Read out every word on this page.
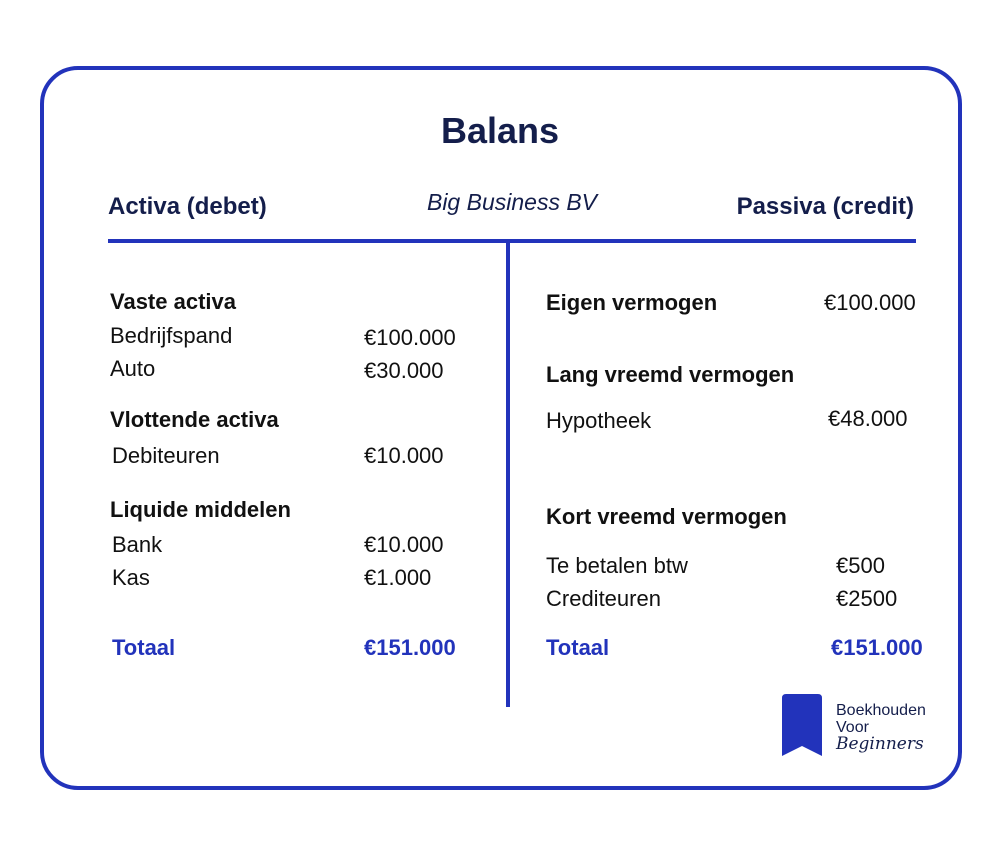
Balans
Activa (debet)	Big Business BV	Passiva (credit)
Vaste activa
Bedrijfspand	€100.000
Auto	€30.000
Vlottende activa
Debiteuren	€10.000
Liquide middelen
Bank	€10.000
Kas	€1.000
Totaal	€151.000
Eigen vermogen	€100.000
Lang vreemd vermogen
Hypotheek	€48.000
Kort vreemd vermogen
Te betalen btw	€500
Crediteuren	€2500
Totaal	€151.000
Boekhouden
Voor
Beginners
